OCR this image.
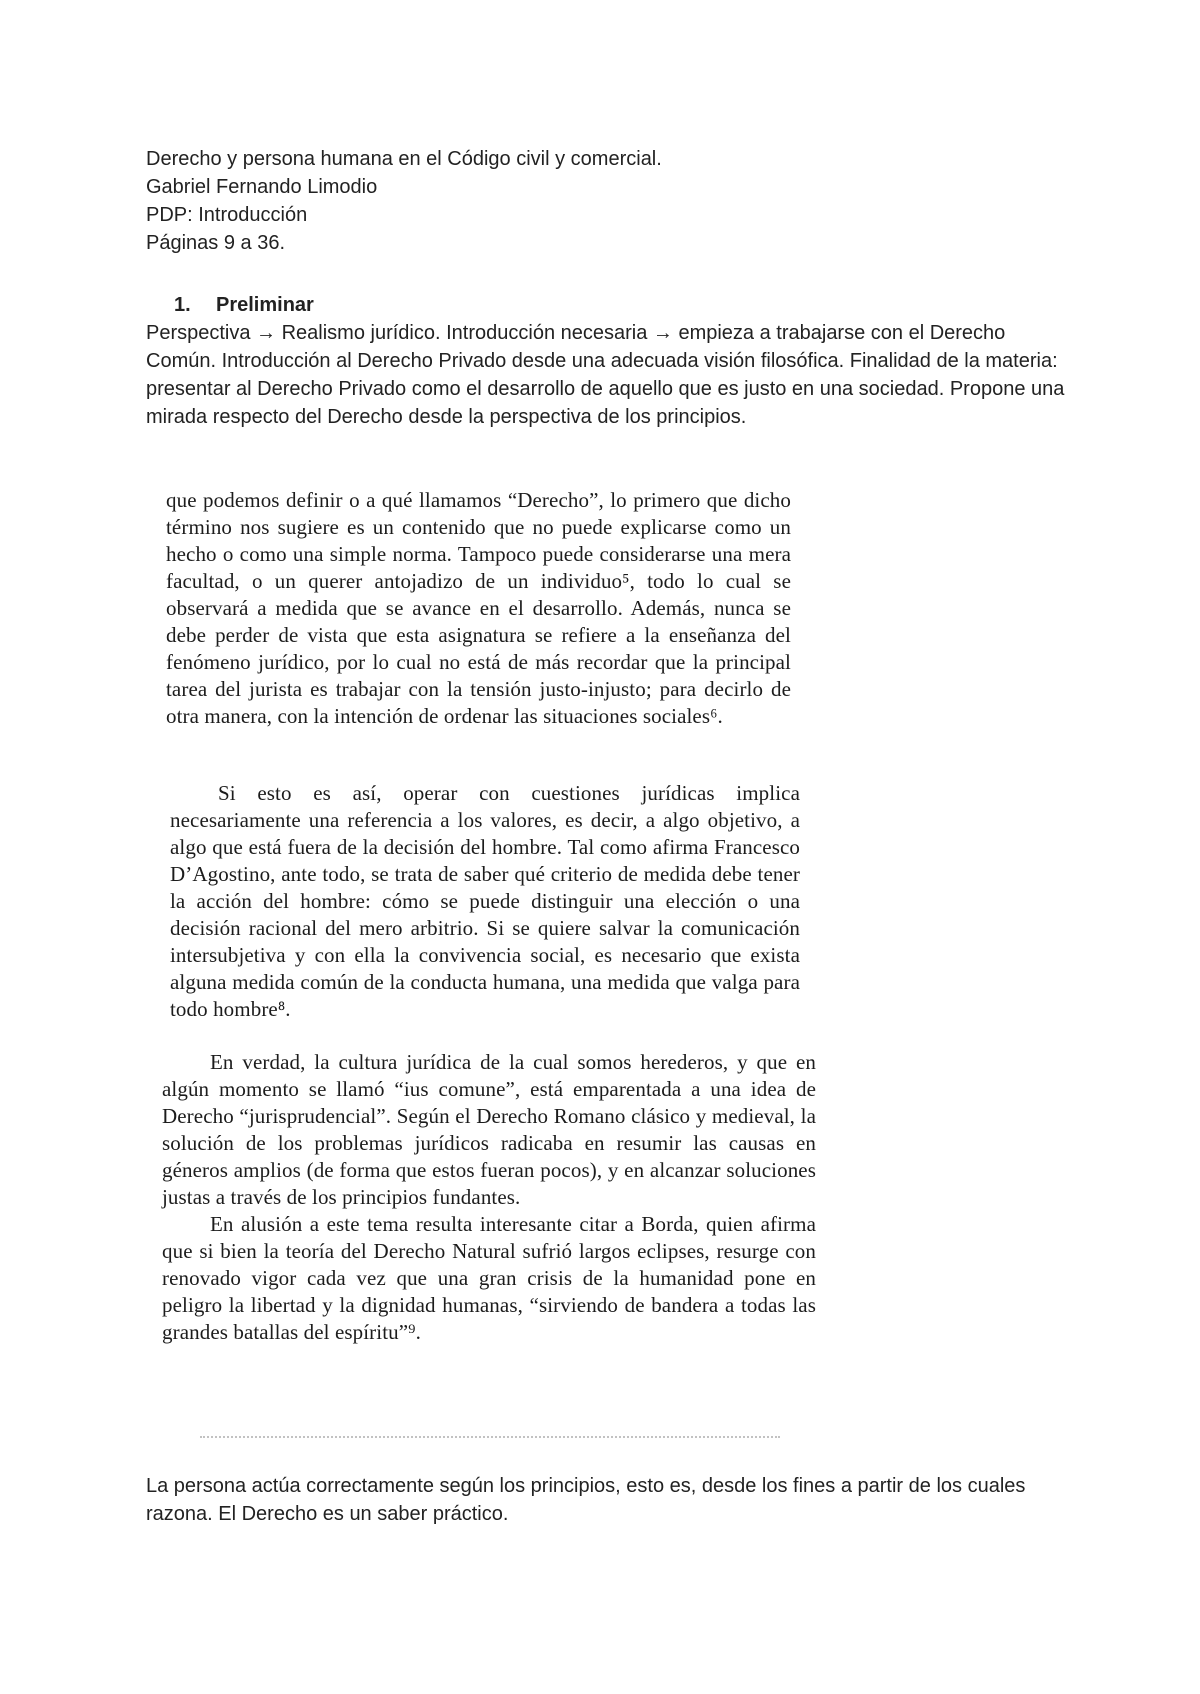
Derecho y persona humana en el Código civil y comercial.
Gabriel Fernando Limodio
PDP: Introducción
Páginas 9 a 36.
1. Preliminar
Perspectiva → Realismo jurídico. Introducción necesaria → empieza a trabajarse con el Derecho Común. Introducción al Derecho Privado desde una adecuada visión filosófica. Finalidad de la materia: presentar al Derecho Privado como el desarrollo de aquello que es justo en una sociedad. Propone una mirada respecto del Derecho desde la perspectiva de los principios.

que podemos definir o a qué llamamos “Derecho”, lo primero que dicho término nos sugiere es un contenido que no puede explicarse como un hecho o como una simple norma. Tampoco puede considerarse una mera facultad, o un querer antojadizo de un individuo⁵, todo lo cual se observará a medida que se avance en el desarrollo. Además, nunca se debe perder de vista que esta asignatura se refiere a la enseñanza del fenómeno jurídico, por lo cual no está de más recordar que la principal tarea del jurista es trabajar con la tensión justo-injusto; para decirlo de otra manera, con la intención de ordenar las situaciones sociales⁶.

Si esto es así, operar con cuestiones jurídicas implica necesariamente una referencia a los valores, es decir, a algo objetivo, a algo que está fuera de la decisión del hombre. Tal como afirma Francesco D’Agostino, ante todo, se trata de saber qué criterio de medida debe tener la acción del hombre: cómo se puede distinguir una elección o una decisión racional del mero arbitrio. Si se quiere salvar la comunicación intersubjetiva y con ella la convivencia social, es necesario que exista alguna medida común de la conducta humana, una medida que valga para todo hombre⁸.

En verdad, la cultura jurídica de la cual somos herederos, y que en algún momento se llamó “ius comune”, está emparentada a una idea de Derecho “jurisprudencial”. Según el Derecho Romano clásico y medieval, la solución de los problemas jurídicos radicaba en resumir las causas en géneros amplios (de forma que estos fueran pocos), y en alcanzar soluciones justas a través de los principios fundantes.

En alusión a este tema resulta interesante citar a Borda, quien afirma que si bien la teoría del Derecho Natural sufrió largos eclipses, resurge con renovado vigor cada vez que una gran crisis de la humanidad pone en peligro la libertad y la dignidad humanas, “sirviendo de bandera a todas las grandes batallas del espíritu”⁹.

La persona actúa correctamente según los principios, esto es, desde los fines a partir de los cuales razona. El Derecho es un saber práctico.
